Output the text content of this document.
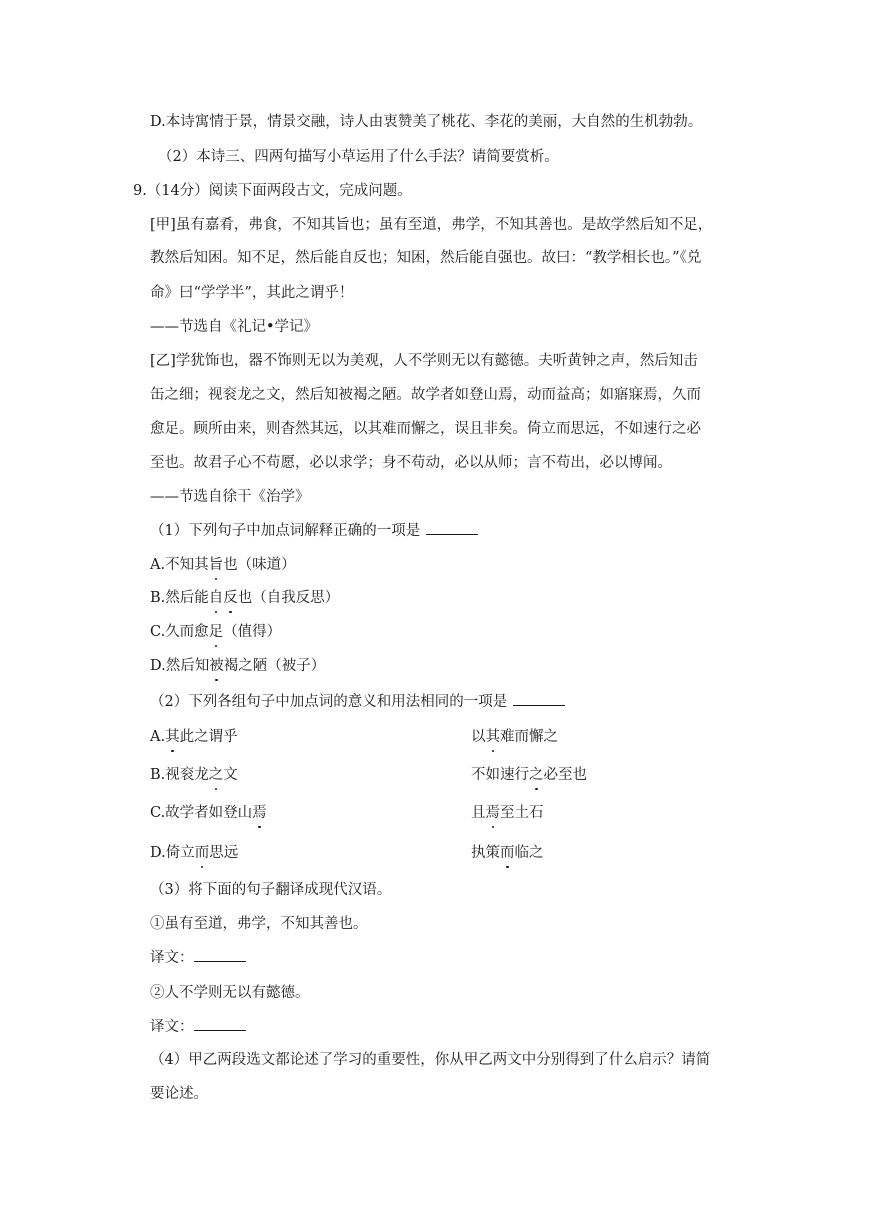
D.本诗寓情于景，情景交融，诗人由衷赞美了桃花、李花的美丽，大自然的生机勃勃。
（2）本诗三、四两句描写小草运用了什么手法？请简要赏析。
9.（14分）阅读下面两段古文，完成问题。
[甲]虽有嘉肴，弗食，不知其旨也；虽有至道，弗学，不知其善也。是故学然后知不足，
教然后知困。知不足，然后能自反也；知困，然后能自强也。故曰：“教学相长也。”《兑
命》曰“学学半”，其此之谓乎！
——节选自《礼记•学记》
[乙]学犹饰也，器不饰则无以为美观，人不学则无以有懿德。夫听黄钟之声，然后知击
缶之细；视衮龙之文，然后知被褐之陋。故学者如登山焉，动而益高；如寤寐焉，久而
愈足。顾所由来，则杳然其远，以其难而懈之，误且非矣。倚立而思远，不如速行之必
至也。故君子心不苟愿，必以求学；身不苟动，必以从师；言不苟出，必以博闻。
——节选自徐干《治学》
（1）下列句子中加点词解释正确的一项是
A.不知其旨也（味道）
B.然后能自反也（自我反思）
C.久而愈足（值得）
D.然后知被褐之陋（被子）
（2）下列各组句子中加点词的意义和用法相同的一项是
A.其此之谓乎	以其难而懈之
B.视衮龙之文	不如速行之必至也
C.故学者如登山焉	且焉至土石
D.倚立而思远	执策而临之
（3）将下面的句子翻译成现代汉语。
①虽有至道，弗学，不知其善也。
译文：
②人不学则无以有懿德。
译文：
（4）甲乙两段选文都论述了学习的重要性，你从甲乙两文中分别得到了什么启示？请简
要论述。
